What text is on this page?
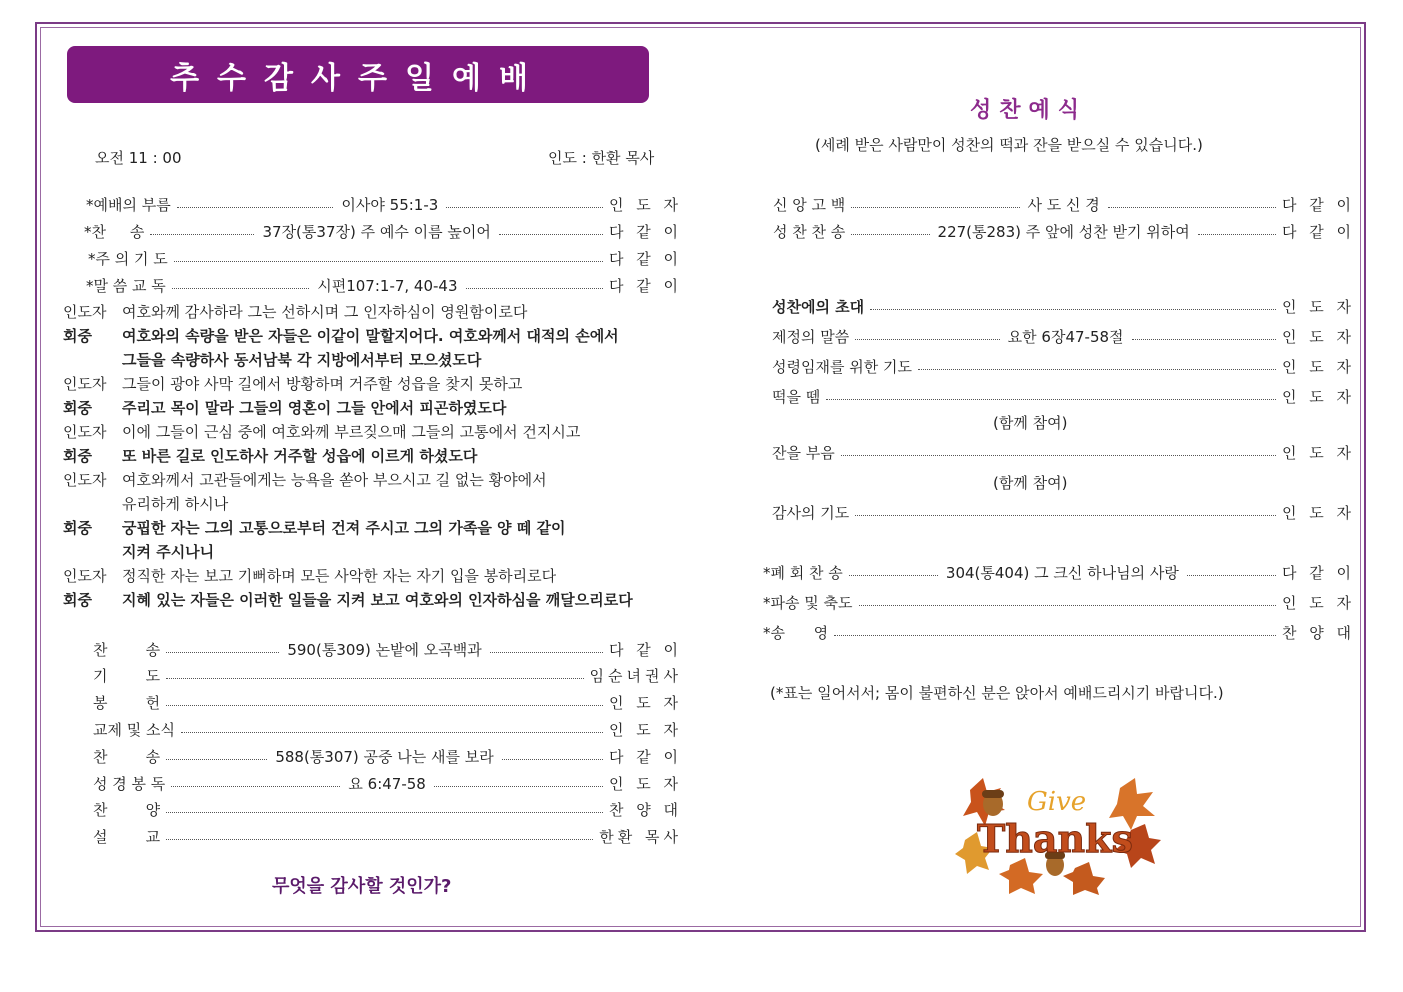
추수감사주일예배
오전 11 : 00	인도 : 한환 목사
*예배의 부름	이사야 55:1-3	인 도 자
*찬     송	37장(통37장) 주 예수 이름 높이어	다 같 이
*주 의 기 도	다 같 이
*말 씀 교 독	시편107:1-7, 40-43	다 같 이
인도자 여호와께 감사하라 그는 선하시며 그 인자하심이 영원함이로다
회중 여호와의 속량을 받은 자들은 이같이 말할지어다. 여호와께서 대적의 손에서
그들을 속량하사 동서남북 각 지방에서부터 모으셨도다
인도자 그들이 광야 사막 길에서 방황하며 거주할 성읍을 찾지 못하고
회중 주리고 목이 말라 그들의 영혼이 그들 안에서 피곤하였도다
인도자 이에 그들이 근심 중에 여호와께 부르짖으매 그들의 고통에서 건지시고
회중 또 바른 길로 인도하사 거주할 성읍에 이르게 하셨도다
인도자 여호와께서 고관들에게는 능욕을 쏟아 부으시고 길 없는 황야에서
유리하게 하시나
회중 궁핍한 자는 그의 고통으로부터 건져 주시고 그의 가족을 양 떼 같이
지켜 주시나니
인도자 정직한 자는 보고 기뻐하며 모든 사악한 자는 자기 입을 봉하리로다
회중 지혜 있는 자들은 이러한 일들을 지켜 보고 여호와의 인자하심을 깨달으리로다
찬        송	590(통309) 논밭에 오곡백과	다 같 이
기        도	임순녀권사
봉        헌	인 도 자
교제 및 소식	인 도 자
찬        송	588(통307) 공중 나는 새를 보라	다 같 이
성 경 봉 독	요 6:47-58	인 도 자
찬        양	찬 양 대
설        교	한환 목사
무엇을 감사할 것인가?
성찬예식
(세례 받은 사람만이 성찬의 떡과 잔을 받으실 수 있습니다.)
신 앙 고 백	사 도 신 경	다 같 이
성 찬 찬 송	227(통283) 주 앞에 성찬 받기 위하여	다 같 이
성찬에의 초대	인 도 자
제정의 말씀	요한 6장47-58절	인 도 자
성령임재를 위한 기도	인 도 자
떡을 뗌	인 도 자
(함께 참여)
잔을 부음	인 도 자
(함께 참여)
감사의 기도	인 도 자
*폐 회 찬 송	304(통404) 그 크신 하나님의 사랑	다 같 이
*파송 및 축도	인 도 자
*송      영	찬 양 대
(*표는 일어서서; 몸이 불편하신 분은 앉아서 예배드리시기 바랍니다.)
Give
Thanks
